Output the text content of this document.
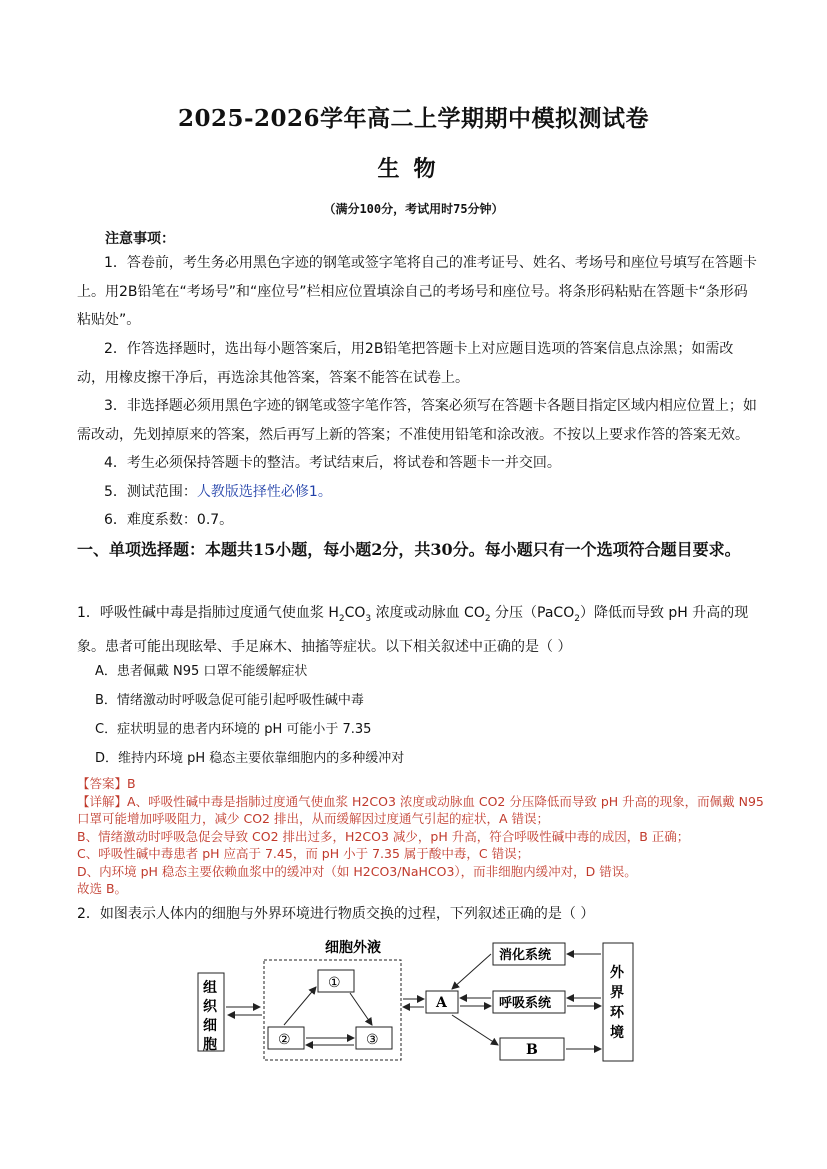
2025-2026学年高二上学期期中模拟测试卷
生物
（满分100分，考试用时75分钟）
注意事项：
1．答卷前，考生务必用黑色字迹的钢笔或签字笔将自己的准考证号、姓名、考场号和座位号填写在答题卡上。用2B铅笔在“考场号”和“座位号”栏相应位置填涂自己的考场号和座位号。将条形码粘贴在答题卡“条形码粘贴处”。
2．作答选择题时，选出每小题答案后，用2B铅笔把答题卡上对应题目选项的答案信息点涂黑；如需改动，用橡皮擦干净后，再选涂其他答案，答案不能答在试卷上。
3．非选择题必须用黑色字迹的钢笔或签字笔作答，答案必须写在答题卡各题目指定区域内相应位置上；如需改动，先划掉原来的答案，然后再写上新的答案；不准使用铅笔和涂改液。不按以上要求作答的答案无效。
4．考生必须保持答题卡的整洁。考试结束后，将试卷和答题卡一并交回。
5．测试范围：人教版选择性必修1。
6．难度系数：0.7。
一、单项选择题：本题共15小题，每小题2分，共30分。每小题只有一个选项符合题目要求。
1．呼吸性碱中毒是指肺过度通气使血浆 $H_2CO_3$ 浓度或动脉血 $CO_2$ 分压（PaCO$_2$）降低而导致 pH 升高的现象。患者可能出现眩晕、手足麻木、抽搐等症状。以下相关叙述中正确的是（ ）
A．患者佩戴 N95 口罩不能缓解症状
B．情绪激动时呼吸急促可能引起呼吸性碱中毒
C．症状明显的患者内环境的 pH 可能小于 7.35
D．维持内环境 pH 稳态主要依靠细胞内的多种缓冲对

【答案】B

【详解】A、呼吸性碱中毒是指肺过度通气使血浆 H2CO3 浓度或动脉血 CO2 分压降低而导致 pH 升高的现象，而佩戴 N95 口罩可能增加呼吸阻力，减少 CO2 排出，从而缓解因过度通气引起的症状，A 错误；

B、情绪激动时呼吸急促会导致 CO2 排出过多，H2CO3 减少，pH 升高，符合呼吸性碱中毒的成因，B 正确；

C、呼吸性碱中毒患者 pH 应高于 7.45，而 pH 小于 7.35 属于酸中毒，C 错误；

D、内环境 pH 稳态主要依赖血浆中的缓冲对（如 H2CO3/NaHCO3），而非细胞内缓冲对，D 错误。

故选 B。

2．如图表示人体内的细胞与外界环境进行物质交换的过程，下列叙述正确的是（ ）
细胞外液
组
织
细
胞
①
②	③
A
消化系统
呼吸系统
B
外
界
环
境
